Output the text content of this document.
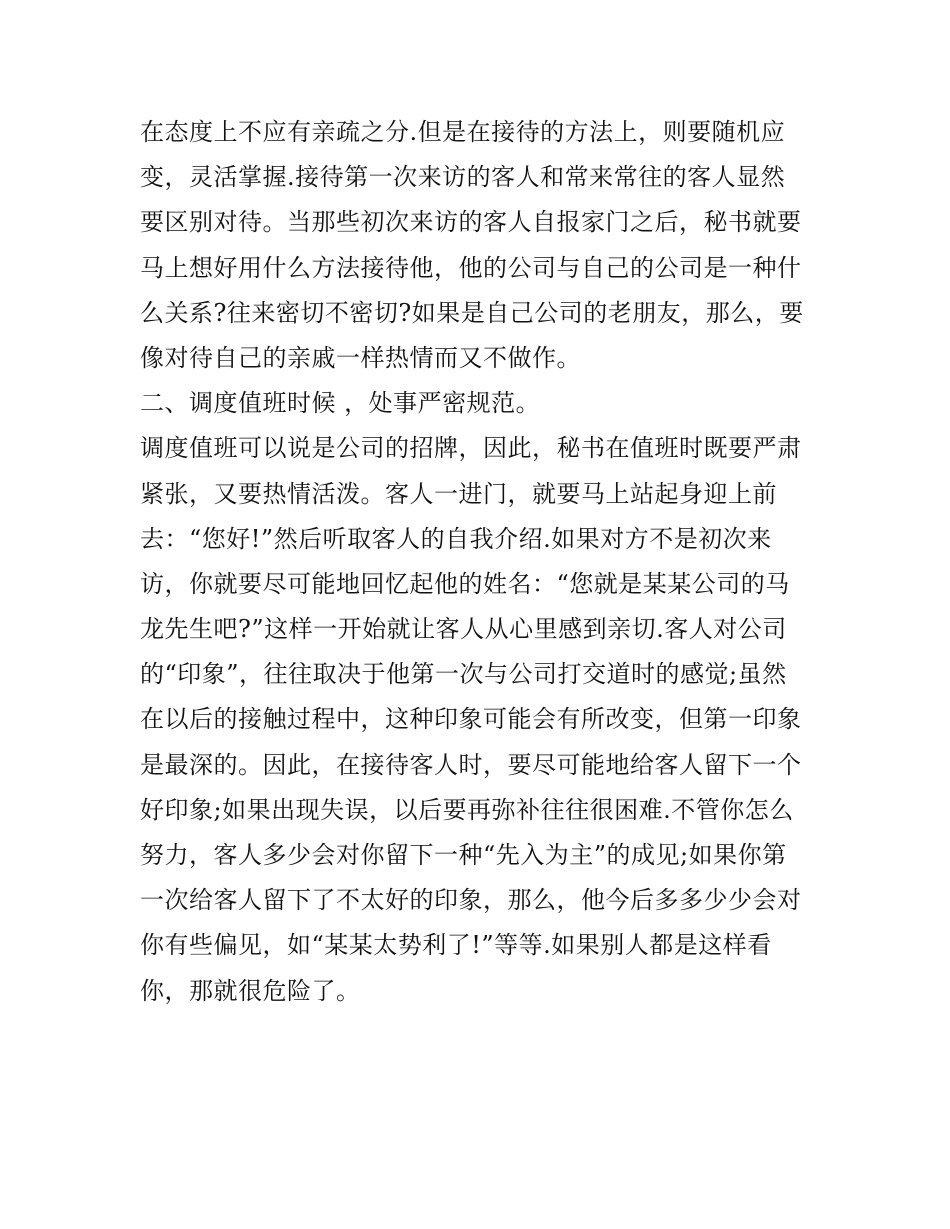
在态度上不应有亲疏之分.但是在接待的方法上，则要随机应
变，灵活掌握.接待第一次来访的客人和常来常往的客人显然
要区别对待。当那些初次来访的客人自报家门之后，秘书就要
马上想好用什么方法接待他，他的公司与自己的公司是一种什
么关系?往来密切不密切?如果是自己公司的老朋友，那么，要
像对待自己的亲戚一样热情而又不做作。
二、调度值班时候 ，处事严密规范。
调度值班可以说是公司的招牌，因此，秘书在值班时既要严肃
紧张，又要热情活泼。客人一进门，就要马上站起身迎上前
去：“您好!”然后听取客人的自我介绍.如果对方不是初次来
访，你就要尽可能地回忆起他的姓名：“您就是某某公司的马
龙先生吧?”这样一开始就让客人从心里感到亲切.客人对公司
的“印象”，往往取决于他第一次与公司打交道时的感觉;虽然
在以后的接触过程中，这种印象可能会有所改变，但第一印象
是最深的。因此，在接待客人时，要尽可能地给客人留下一个
好印象;如果出现失误，以后要再弥补往往很困难.不管你怎么
努力，客人多少会对你留下一种“先入为主”的成见;如果你第
一次给客人留下了不太好的印象，那么，他今后多多少少会对
你有些偏见，如“某某太势利了!”等等.如果别人都是这样看
你，那就很危险了。
